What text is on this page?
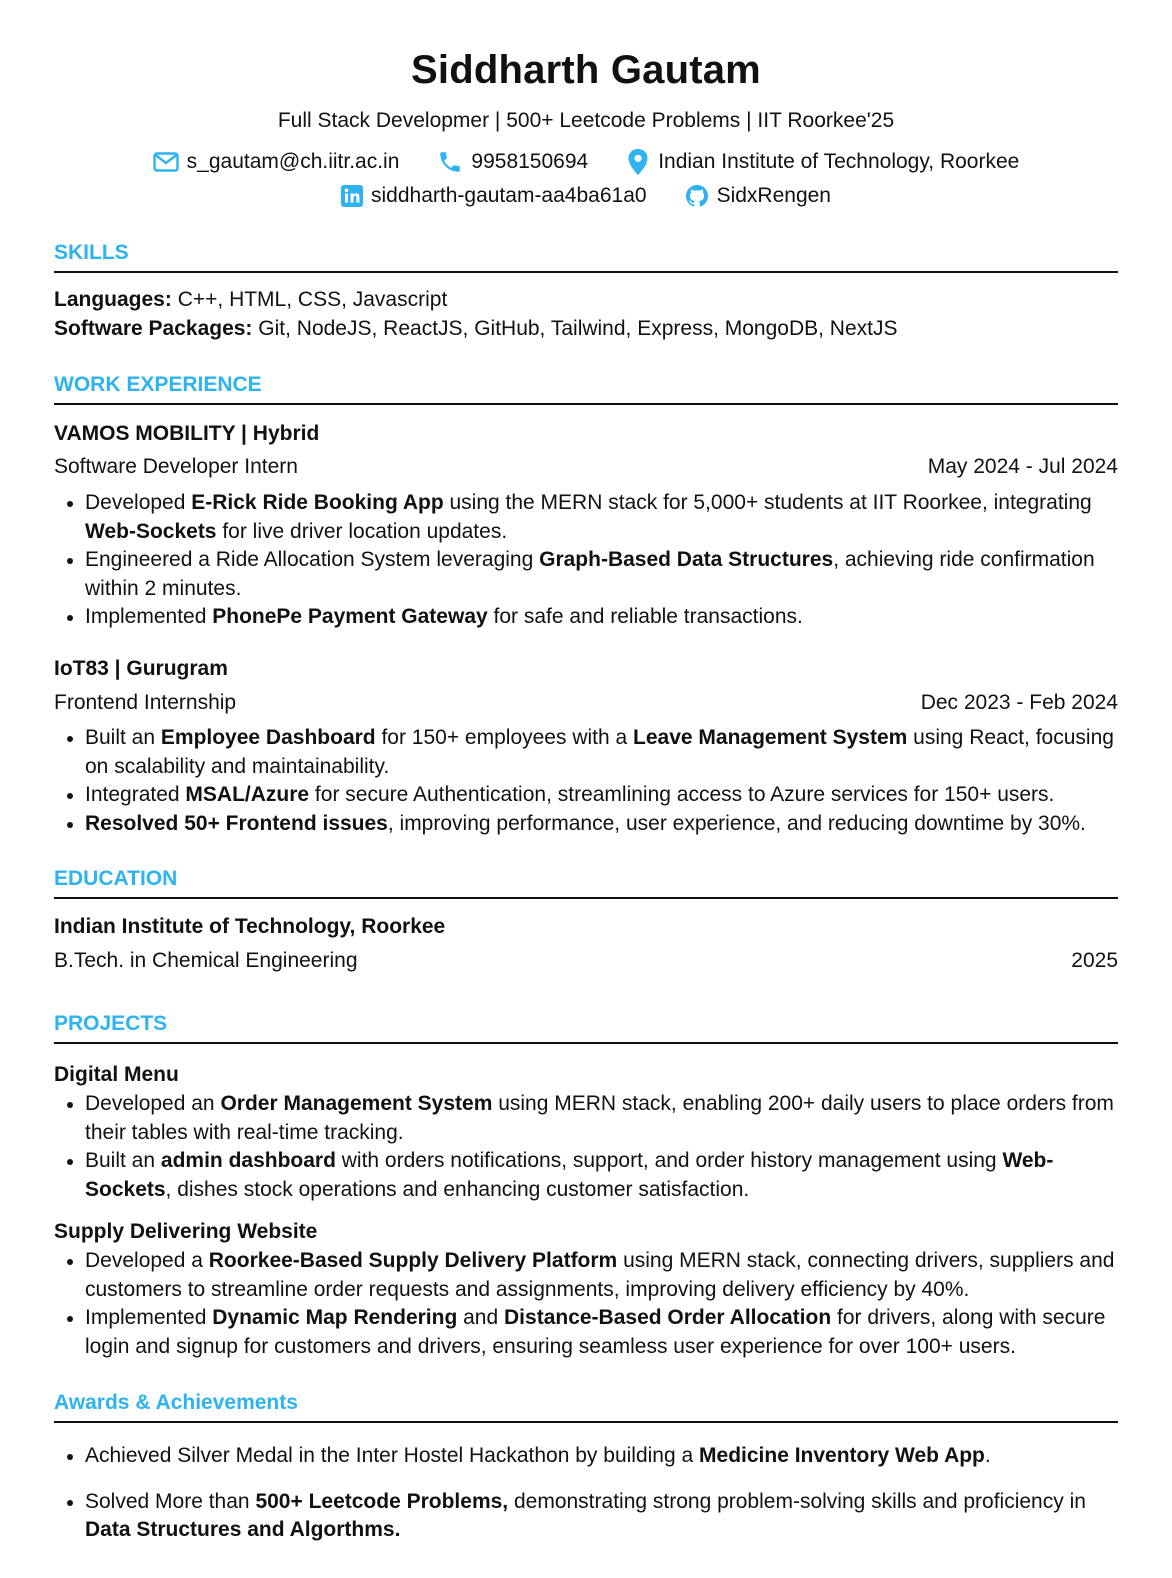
Siddharth Gautam
Full Stack Developmer | 500+ Leetcode Problems | IIT Roorkee'25
s_gautam@ch.iitr.ac.in	9958150694	Indian Institute of Technology, Roorkee
siddharth-gautam-aa4ba61a0	SidxRengen
SKILLS
Languages: C++, HTML, CSS, Javascript
Software Packages: Git, NodeJS, ReactJS, GitHub, Tailwind, Express, MongoDB, NextJS
WORK EXPERIENCE
VAMOS MOBILITY | Hybrid
Software Developer Intern	May 2024 - Jul 2024
Developed E-Rick Ride Booking App using the MERN stack for 5,000+ students at IIT Roorkee, integrating Web-Sockets for live driver location updates.
Engineered a Ride Allocation System leveraging Graph-Based Data Structures, achieving ride confirmation within 2 minutes.
Implemented PhonePe Payment Gateway for safe and reliable transactions.
IoT83 | Gurugram
Frontend Internship	Dec 2023 - Feb 2024
Built an Employee Dashboard for 150+ employees with a Leave Management System using React, focusing on scalability and maintainability.
Integrated MSAL/Azure for secure Authentication, streamlining access to Azure services for 150+ users.
Resolved 50+ Frontend issues, improving performance, user experience, and reducing downtime by 30%.
EDUCATION
Indian Institute of Technology, Roorkee
B.Tech. in Chemical Engineering	2025
PROJECTS
Digital Menu
Developed an Order Management System using MERN stack, enabling 200+ daily users to place orders from their tables with real-time tracking.
Built an admin dashboard with orders notifications, support, and order history management using Web-Sockets, dishes stock operations and enhancing customer satisfaction.
Supply Delivering Website
Developed a Roorkee-Based Supply Delivery Platform using MERN stack, connecting drivers, suppliers and customers to streamline order requests and assignments, improving delivery efficiency by 40%.
Implemented Dynamic Map Rendering and Distance-Based Order Allocation for drivers, along with secure login and signup for customers and drivers, ensuring seamless user experience for over 100+ users.
Awards & Achievements
Achieved Silver Medal in the Inter Hostel Hackathon by building a Medicine Inventory Web App.
Solved More than 500+ Leetcode Problems, demonstrating strong problem-solving skills and proficiency in Data Structures and Algorthms.
